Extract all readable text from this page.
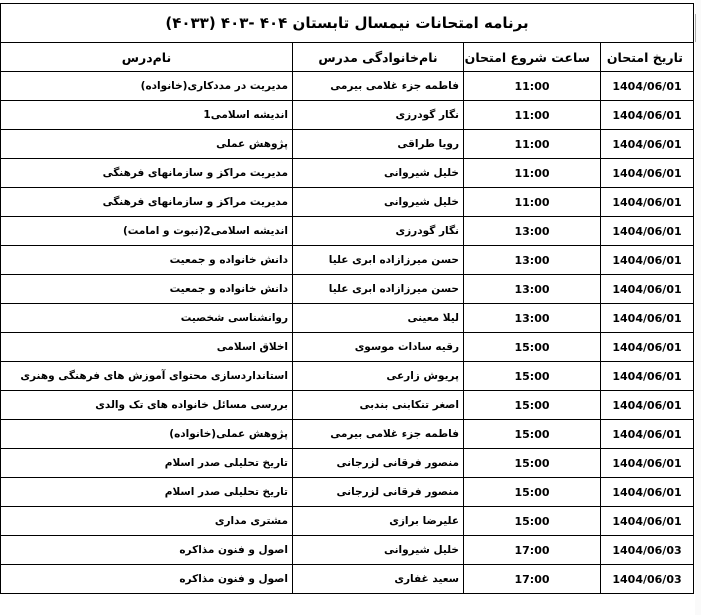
برنامه امتحانات نیمسال تابستان ۴۰۴ -۴۰۳ (۴۰۳۳)			
تاریخ امتحان	ساعت شروع امتحان	نام‌خانوادگی مدرس	نام‌درس
1404/06/01	11:00	فاطمه جزء غلامی بیرمی	مدیریت در مددکاری(خانواده)
1404/06/01	11:00	نگار گودرزی	اندیشه اسلامی1
1404/06/01	11:00	رویا طراقی	پژوهش عملی
1404/06/01	11:00	خلیل شیروانی	مدیریت مراکز و سازمانهای فرهنگی
1404/06/01	11:00	خلیل شیروانی	مدیریت مراکز و سازمانهای فرهنگی
1404/06/01	13:00	نگار گودرزی	اندیشه اسلامی2(نبوت و امامت)
1404/06/01	13:00	حسن میرزازاده ابری علیا	دانش خانواده و جمعیت
1404/06/01	13:00	حسن میرزازاده ابری علیا	دانش خانواده و جمعیت
1404/06/01	13:00	لیلا معینی	روانشناسی شخصیت
1404/06/01	15:00	رقیه سادات موسوی	اخلاق اسلامی
1404/06/01	15:00	پریوش زارعی	استانداردسازی محتوای آموزش های فرهنگی وهنری
1404/06/01	15:00	اصغر تنکابنی بندبی	بررسی مسائل خانواده های تک والدی
1404/06/01	15:00	فاطمه جزء غلامی بیرمی	پژوهش عملی(خانواده)
1404/06/01	15:00	منصور فرقانی لزرجانی	تاریخ تحلیلی صدر اسلام
1404/06/01	15:00	منصور فرقانی لزرجانی	تاریخ تحلیلی صدر اسلام
1404/06/01	15:00	علیرضا برازی	مشتری مداری
1404/06/03	17:00	خلیل شیروانی	اصول و فنون مذاکره
1404/06/03	17:00	سعید غفاری	اصول و فنون مذاکره
